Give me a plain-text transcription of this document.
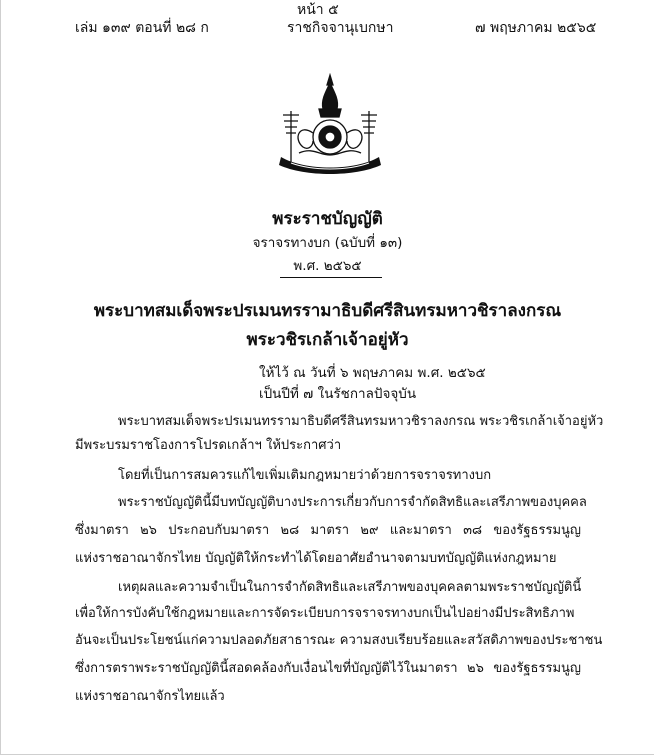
หน้า ๕
เล่ม ๑๓๙ ตอนที่ ๒๘ ก	ราชกิจจานุเบกษา	๗ พฤษภาคม ๒๕๖๕
พระราชบัญญัติ
จราจรทางบก (ฉบับที่ ๑๓)
พ.ศ. ๒๕๖๕
พระบาทสมเด็จพระปรเมนทรรามาธิบดีศรีสินทรมหาวชิราลงกรณ
พระวชิรเกล้าเจ้าอยู่หัว
ให้ไว้ ณ วันที่ ๖ พฤษภาคม พ.ศ. ๒๕๖๕
เป็นปีที่ ๗ ในรัชกาลปัจจุบัน
พระบาทสมเด็จพระปรเมนทรรามาธิบดีศรีสินทรมหาวชิราลงกรณ พระวชิรเกล้าเจ้าอยู่หัว
มีพระบรมราชโองการโปรดเกล้าฯ ให้ประกาศว่า
โดยที่เป็นการสมควรแก้ไขเพิ่มเติมกฎหมายว่าด้วยการจราจรทางบก
พระราชบัญญัตินี้มีบทบัญญัติบางประการเกี่ยวกับการจำกัดสิทธิและเสรีภาพของบุคคล
ซึ่งมาตรา ๒๖ ประกอบกับมาตรา ๒๘ มาตรา ๒๙ และมาตรา ๓๘ ของรัฐธรรมนูญ
แห่งราชอาณาจักรไทย บัญญัติให้กระทำได้โดยอาศัยอำนาจตามบทบัญญัติแห่งกฎหมาย
เหตุผลและความจำเป็นในการจำกัดสิทธิและเสรีภาพของบุคคลตามพระราชบัญญัตินี้
เพื่อให้การบังคับใช้กฎหมายและการจัดระเบียบการจราจรทางบกเป็นไปอย่างมีประสิทธิภาพ
อันจะเป็นประโยชน์แก่ความปลอดภัยสาธารณะ ความสงบเรียบร้อยและสวัสดิภาพของประชาชน
ซึ่งการตราพระราชบัญญัตินี้สอดคล้องกับเงื่อนไขที่บัญญัติไว้ในมาตรา ๒๖ ของรัฐธรรมนูญ
แห่งราชอาณาจักรไทยแล้ว
